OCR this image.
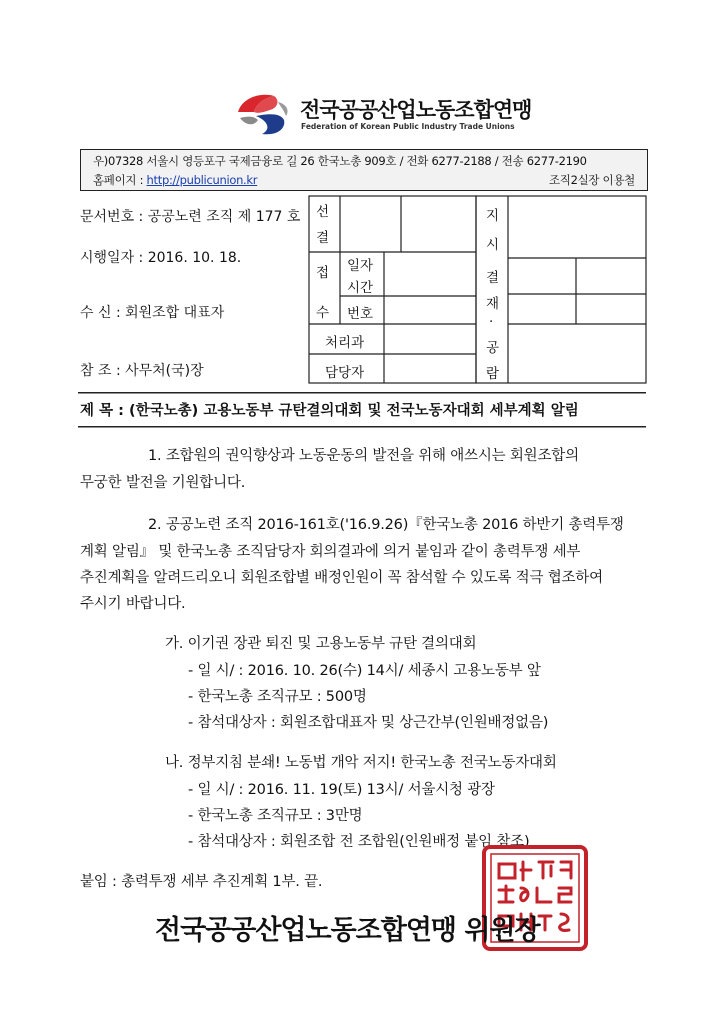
전국공공산업노동조합연맹
Federation of Korean Public Industry Trade Unions
우)07328 서울시 영등포구 국제금융로 길 26 한국노총 909호 / 전화 6277-2188 / 전송 6277-2190
홈페이지 : http://publicunion.kr	조직2실장 이용철
문서번호 : 공공노련 조직 제 177 호
시행일자 : 2016. 10. 18.
수 신 : 회원조합 대표자
참 조 : 사무처(국)장
선
결
접
수
일자
시간
번호
처리과
담당자
지
시
결
재
·
공
람
제 목 : (한국노총) 고용노동부 규탄결의대회 및 전국노동자대회 세부계획 알림
1. 조합원의 권익향상과 노동운동의 발전을 위해 애쓰시는 회원조합의
무궁한 발전을 기원합니다.
2. 공공노련 조직 2016-161호('16.9.26)『한국노총 2016 하반기 총력투쟁
계획 알림』 및 한국노총 조직담당자 회의결과에 의거 붙임과 같이 총력투쟁 세부
추진계획을 알려드리오니 회원조합별 배정인원이 꼭 참석할 수 있도록 적극 협조하여
주시기 바랍니다.
가. 이기권 장관 퇴진 및 고용노동부 규탄 결의대회
- 일 시/ : 2016. 10. 26(수) 14시/ 세종시 고용노동부 앞
- 한국노총 조직규모 : 500명
- 참석대상자 : 회원조합대표자 및 상근간부(인원배정없음)
나. 정부지침 분쇄! 노동법 개악 저지! 한국노총 전국노동자대회
- 일 시/ : 2016. 11. 19(토) 13시/ 서울시청 광장
- 한국노총 조직규모 : 3만명
- 참석대상자 : 회원조합 전 조합원(인원배정 붙임 참조)
붙임 : 총력투쟁 세부 추진계획 1부. 끝.
전국공공산업노동조합연맹 위원장
